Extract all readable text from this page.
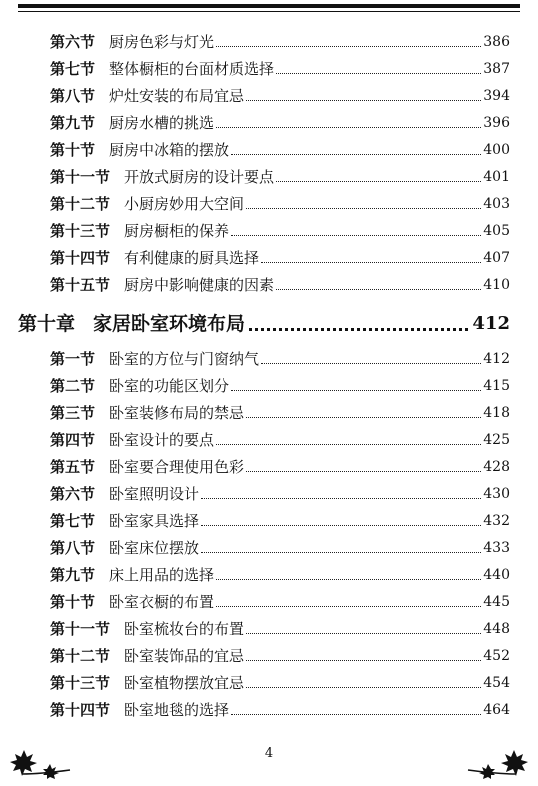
第六节 厨房色彩与灯光	386
第七节 整体橱柜的台面材质选择	387
第八节 炉灶安装的布局宜忌	394
第九节 厨房水槽的挑选	396
第十节 厨房中冰箱的摆放	400
第十一节 开放式厨房的设计要点	401
第十二节 小厨房妙用大空间	403
第十三节 厨房橱柜的保养	405
第十四节 有利健康的厨具选择	407
第十五节 厨房中影响健康的因素	410
第十章 家居卧室环境布局	412
第一节 卧室的方位与门窗纳气	412
第二节 卧室的功能区划分	415
第三节 卧室装修布局的禁忌	418
第四节 卧室设计的要点	425
第五节 卧室要合理使用色彩	428
第六节 卧室照明设计	430
第七节 卧室家具选择	432
第八节 卧室床位摆放	433
第九节 床上用品的选择	440
第十节 卧室衣橱的布置	445
第十一节 卧室梳妆台的布置	448
第十二节 卧室装饰品的宜忌	452
第十三节 卧室植物摆放宜忌	454
第十四节 卧室地毯的选择	464
4
